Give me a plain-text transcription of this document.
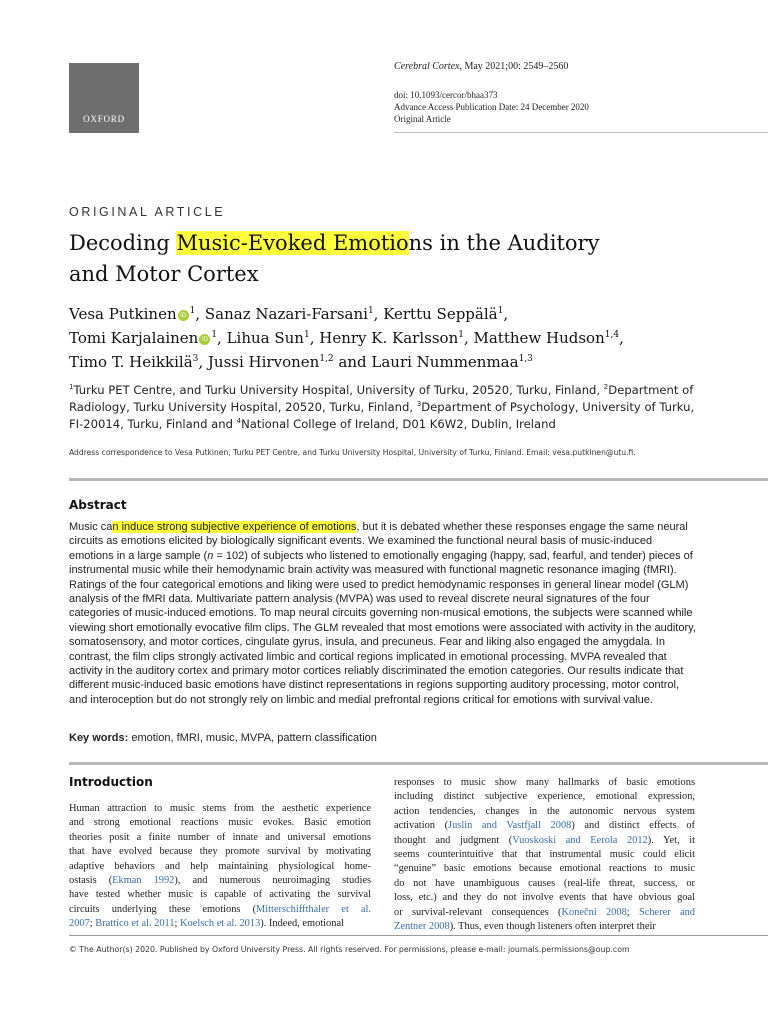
OXFORD
Cerebral Cortex, May 2021;00: 2549–2560
doi: 10.1093/cercor/bhaa373
Advance Access Publication Date: 24 December 2020
Original Article
ORIGINAL ARTICLE
Decoding Music-Evoked Emotions in the Auditory
and Motor Cortex
Vesa Putkinen iD $^1$, Sanaz Nazari-Farsani$^1$, Kerttu Seppälä$^1$,
Tomi Karjalainen iD $^1$, Lihua Sun$^1$, Henry K. Karlsson$^1$, Matthew Hudson$^{1,4}$,
Timo T. Heikkilä$^3$, Jussi Hirvonen$^{1,2}$ and Lauri Nummenmaa$^{1,3}$
$^1$Turku PET Centre, and Turku University Hospital, University of Turku, 20520, Turku, Finland, $^2$Department of Radiology, Turku University Hospital, 20520, Turku, Finland, $^3$Department of Psychology, University of Turku, FI-20014, Turku, Finland and $^4$National College of Ireland, D01 K6W2, Dublin, Ireland
Address correspondence to Vesa Putkinen, Turku PET Centre, and Turku University Hospital, University of Turku, Finland. Email: vesa.putkinen@utu.fi.
Abstract
Music can induce strong subjective experience of emotions, but it is debated whether these responses engage the same neural circuits as emotions elicited by biologically significant events. We examined the functional neural basis of music-induced emotions in a large sample (n = 102) of subjects who listened to emotionally engaging (happy, sad, fearful, and tender) pieces of instrumental music while their hemodynamic brain activity was measured with functional magnetic resonance imaging (fMRI). Ratings of the four categorical emotions and liking were used to predict hemodynamic responses in general linear model (GLM) analysis of the fMRI data. Multivariate pattern analysis (MVPA) was used to reveal discrete neural signatures of the four categories of music-induced emotions. To map neural circuits governing non-musical emotions, the subjects were scanned while viewing short emotionally evocative film clips. The GLM revealed that most emotions were associated with activity in the auditory, somatosensory, and motor cortices, cingulate gyrus, insula, and precuneus. Fear and liking also engaged the amygdala. In contrast, the film clips strongly activated limbic and cortical regions implicated in emotional processing. MVPA revealed that activity in the auditory cortex and primary motor cortices reliably discriminated the emotion categories. Our results indicate that different music-induced basic emotions have distinct representations in regions supporting auditory processing, motor control, and interoception but do not strongly rely on limbic and medial prefrontal regions critical for emotions with survival value.
Key words: emotion, fMRI, music, MVPA, pattern classification
Introduction
Human attraction to music stems from the aesthetic experience
and strong emotional reactions music evokes. Basic emotion
theories posit a finite number of innate and universal emotions
that have evolved because they promote survival by motivating
adaptive behaviors and help maintaining physiological home-
ostasis (Ekman 1992), and numerous neuroimaging studies
have tested whether music is capable of activating the survival
circuits underlying these emotions (Mitterschiffthaler et al.
2007; Brattico et al. 2011; Koelsch et al. 2013). Indeed, emotional
responses to music show many hallmarks of basic emotions
including distinct subjective experience, emotional expression,
action tendencies, changes in the autonomic nervous system
activation (Juslin and Vastfjall 2008) and distinct effects of
thought and judgment (Vuoskoski and Eerola 2012). Yet, it
seems counterintuitive that that instrumental music could elicit
“genuine” basic emotions because emotional reactions to music
do not have unambiguous causes (real-life threat, success, or
loss, etc.) and they do not involve events that have obvious goal
or survival-relevant consequences (Konečni 2008; Scherer and
Zentner 2008). Thus, even though listeners often interpret their
© The Author(s) 2020. Published by Oxford University Press. All rights reserved. For permissions, please e-mail: journals.permissions@oup.com
